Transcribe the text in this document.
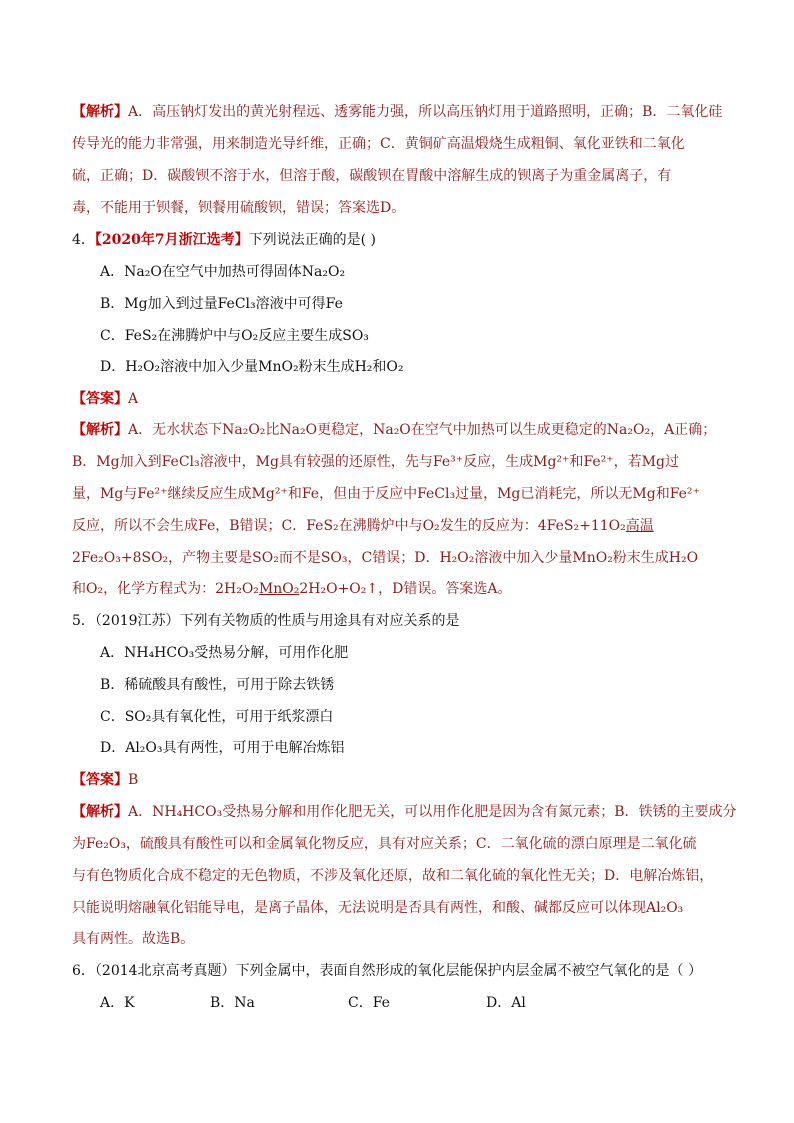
【解析】A．高压钠灯发出的黄光射程远、透雾能力强，所以高压钠灯用于道路照明，正确；B．二氧化硅
传导光的能力非常强，用来制造光导纤维，正确；C．黄铜矿高温煅烧生成粗铜、氧化亚铁和二氧化
硫，正确；D．碳酸钡不溶于水，但溶于酸，碳酸钡在胃酸中溶解生成的钡离子为重金属离子，有
毒，不能用于钡餐，钡餐用硫酸钡，错误；答案选D。
4．【2020年7月浙江选考】下列说法正确的是( )
A．Na₂O在空气中加热可得固体Na₂O₂
B．Mg加入到过量FeCl₃溶液中可得Fe
C．FeS₂在沸腾炉中与O₂反应主要生成SO₃
D．H₂O₂溶液中加入少量MnO₂粉末生成H₂和O₂
【答案】A
【解析】A．无水状态下Na₂O₂比Na₂O更稳定，Na₂O在空气中加热可以生成更稳定的Na₂O₂，A正确；
B．Mg加入到FeCl₃溶液中，Mg具有较强的还原性，先与Fe³⁺反应，生成Mg²⁺和Fe²⁺，若Mg过
量，Mg与Fe²⁺继续反应生成Mg²⁺和Fe，但由于反应中FeCl₃过量，Mg已消耗完，所以无Mg和Fe²⁺
反应，所以不会生成Fe，B错误；C．FeS₂在沸腾炉中与O₂发生的反应为：4FeS₂+11O₂高温
2Fe₂O₃+8SO₂，产物主要是SO₂而不是SO₃，C错误；D．H₂O₂溶液中加入少量MnO₂粉末生成H₂O
和O₂，化学方程式为：2H₂O₂MnO₂2H₂O+O₂↑，D错误。答案选A。
5．（2019江苏）下列有关物质的性质与用途具有对应关系的是
A．NH₄HCO₃受热易分解，可用作化肥
B．稀硫酸具有酸性，可用于除去铁锈
C．SO₂具有氧化性，可用于纸浆漂白
D．Al₂O₃具有两性，可用于电解冶炼铝
【答案】B
【解析】A．NH₄HCO₃受热易分解和用作化肥无关，可以用作化肥是因为含有氮元素；B．铁锈的主要成分
为Fe₂O₃，硫酸具有酸性可以和金属氧化物反应，具有对应关系；C．二氧化硫的漂白原理是二氧化硫
与有色物质化合成不稳定的无色物质，不涉及氧化还原，故和二氧化硫的氧化性无关；D．电解冶炼铝，
只能说明熔融氧化铝能导电，是离子晶体，无法说明是否具有两性，和酸、碱都反应可以体现Al₂O₃
具有两性。故选B。
6．（2014北京高考真题）下列金属中，表面自然形成的氧化层能保护内层金属不被空气氧化的是（ ）
A．K	B．Na	C．Fe	D．Al
